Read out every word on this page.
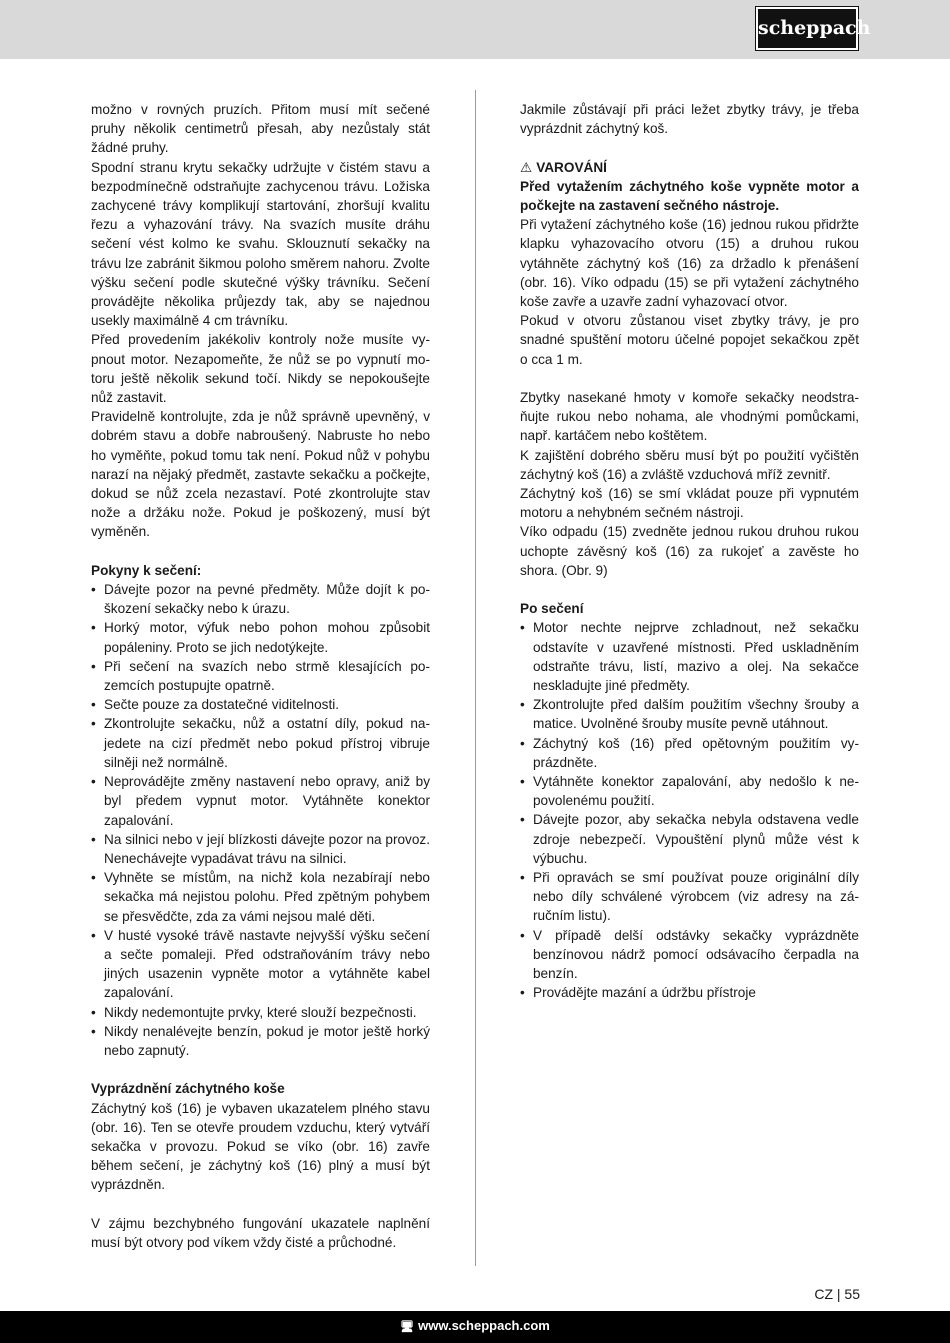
scheppach

možno v rovných pruzích. Přitom musí mít sečené pruhy několik centimetrů přesah, aby nezůstaly stát žádné pruhy.

Spodní stranu krytu sekačky udržujte v čistém stavu a bezpodmínečně odstraňujte zachycenou trávu. Ložiska zachycené trávy komplikují startování, zhoršují kvalitu řezu a vyhazování trávy. Na svazích musíte dráhu sečení vést kolmo ke svahu. Sklouznutí sekačky na trávu lze zabránit šikmou poloho směrem nahoru. Zvolte výšku sečení podle skutečné výšky trávníku. Sečení provádějte několika průjezdy tak, aby se najednou usekly maximálně 4 cm trávníku.

Před provedením jakékoliv kontroly nože musíte vypnout motor. Nezapomeňte, že nůž se po vypnutí motoru ještě několik sekund točí. Nikdy se nepokoušejte nůž zastavit.

Pravidelně kontrolujte, zda je nůž správně upevněný, v dobrém stavu a dobře nabroušený. Nabruste ho nebo ho vyměňte, pokud tomu tak není. Pokud nůž v pohybu narazí na nějaký předmět, zastavte sekačku a počkejte, dokud se nůž zcela nezastaví. Poté zkontrolujte stav nože a držáku nože. Pokud je poškozený, musí být vyměněn.

Pokyny k sečení:

• Dávejte pozor na pevné předměty. Může dojít k poškození sekačky nebo k úrazu.
• Horký motor, výfuk nebo pohon mohou způsobit popáleniny. Proto se jich nedotýkejte.
• Při sečení na svazích nebo strmě klesajících pozemcích postupujte opatrně.
• Sečte pouze za dostatečné viditelnosti.
• Zkontrolujte sekačku, nůž a ostatní díly, pokud najedete na cizí předmět nebo pokud přístroj vibruje silněji než normálně.
• Neprovádějte změny nastavení nebo opravy, aniž by byl předem vypnut motor. Vytáhněte konektor zapalování.
• Na silnici nebo v její blízkosti dávejte pozor na provoz. Nenechávejte vypadávat trávu na silnici.
• Vyhněte se místům, na nichž kola nezabírají nebo sekačka má nejistou polohu. Před zpětným pohybem se přesvědčte, zda za vámi nejsou malé děti.
• V husté vysoké trávě nastavte nejvyšší výšku sečení a sečte pomaleji. Před odstraňováním trávy nebo jiných usazenin vypněte motor a vytáhněte kabel zapalování.
• Nikdy nedemontujte prvky, které slouží bezpečnosti.
• Nikdy nenalévejte benzín, pokud je motor ještě horký nebo zapnutý.

Vyprázdnění záchytného koše

Záchytný koš (16) je vybaven ukazatelem plného stavu (obr. 16). Ten se otevře proudem vzduchu, který vytváří sekačka v provozu. Pokud se víko (obr. 16) zavře během sečení, je záchytný koš (16) plný a musí být vyprázdněn.

V zájmu bezchybného fungování ukazatele naplnění musí být otvory pod víkem vždy čisté a průchodné.

Jakmile zůstávají při práci ležet zbytky trávy, je třeba vyprázdnit záchytný koš.

⚠ VAROVÁNÍ

Před vytažením záchytného koše vypněte motor a počkejte na zastavení sečného nástroje.

Při vytažení záchytného koše (16) jednou rukou přidržte klapku vyhazovacího otvoru (15) a druhou rukou vytáhněte záchytný koš (16) za držadlo k přenášení (obr. 16). Víko odpadu (15) se při vytažení záchytného koše zavře a uzavře zadní vyhazovací otvor.

Pokud v otvoru zůstanou viset zbytky trávy, je pro snadné spuštění motoru účelné popojet sekačkou zpět o cca 1 m.

Zbytky nasekané hmoty v komoře sekačky neodstraňujte rukou nebo nohama, ale vhodnými pomůckami, např. kartáčem nebo koštětem.

K zajištění dobrého sběru musí být po použití vyčištěn záchytný koš (16) a zvláště vzduchová mříž zevnitř.

Záchytný koš (16) se smí vkládat pouze při vypnutém motoru a nehybném sečném nástroji.

Víko odpadu (15) zvedněte jednou rukou druhou rukou uchopte závěsný koš (16) za rukojeť a zavěste ho shora. (Obr. 9)

Po sečení

• Motor nechte nejprve zchladnout, než sekačku odstavíte v uzavřené místnosti. Před uskladněním odstraňte trávu, listí, mazivo a olej. Na sekačce neskladujte jiné předměty.
• Zkontrolujte před dalším použitím všechny šrouby a matice. Uvolněné šrouby musíte pevně utáhnout.
• Záchytný koš (16) před opětovným použitím vyprázdněte.
• Vytáhněte konektor zapalování, aby nedošlo k nepovolenému použití.
• Dávejte pozor, aby sekačka nebyla odstavena vedle zdroje nebezpečí. Vypouštění plynů může vést k výbuchu.
• Při opravách se smí používat pouze originální díly nebo díly schválené výrobcem (viz adresy na záručním listu).
• V případě delší odstávky sekačky vyprázdněte benzínovou nádrž pomocí odsávacího čerpadla na benzín.
• Provádějte mazání a údržbu přístroje
CZ | 55
🖥 www.scheppach.com
